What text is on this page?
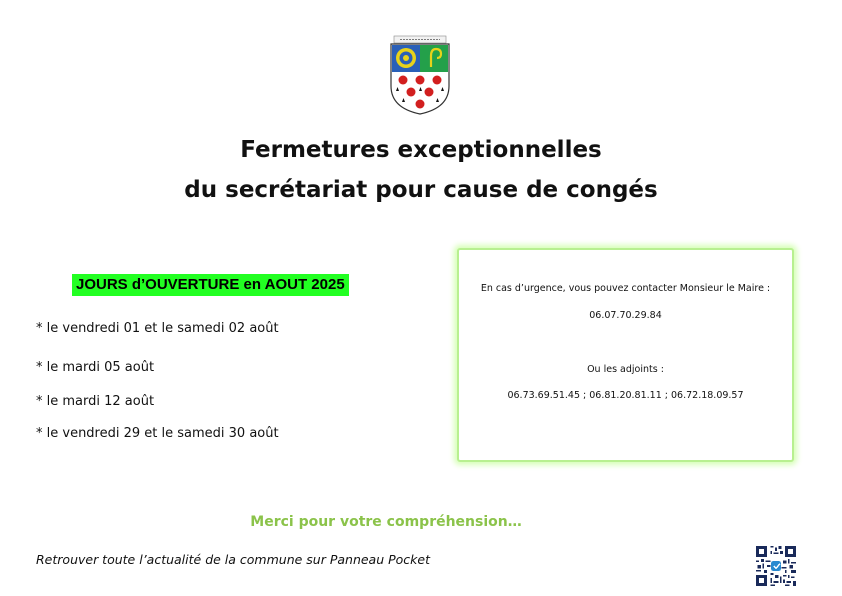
Fermetures exceptionnelles
du secrétariat pour cause de congés
JOURS d’OUVERTURE en AOUT 2025
* le vendredi 01 et le samedi 02 août
* le mardi 05 août
* le mardi 12 août
* le vendredi 29 et le samedi 30 août
En cas d’urgence, vous pouvez contacter Monsieur le Maire :
06.07.70.29.84
Ou les adjoints :
06.73.69.51.45 ; 06.81.20.81.11 ; 06.72.18.09.57
Merci pour votre compréhension…
Retrouver toute l’actualité de la commune sur Panneau Pocket
